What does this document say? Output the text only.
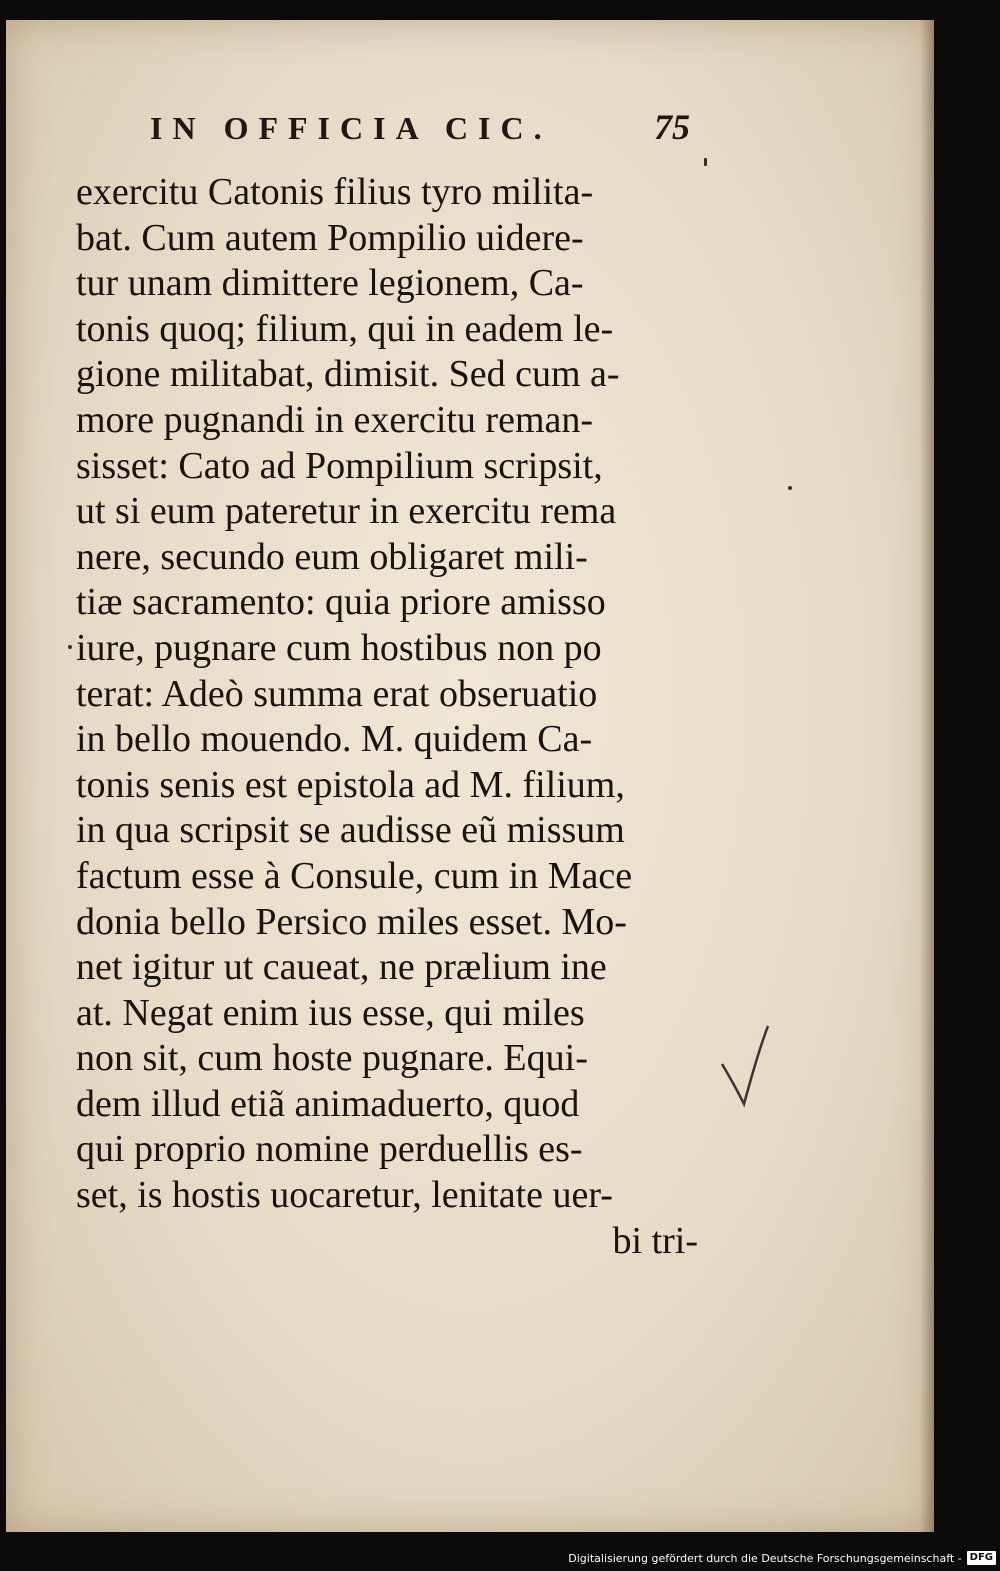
IN OFFICIA CIC.	75
exercitu Catonis filius tyro milita-
bat. Cum autem Pompilio uidere-
tur unam dimittere legionem, Ca-
tonis quoq; filium, qui in eadem le-
gione militabat, dimisit. Sed cum a-
more pugnandi in exercitu reman-
sisset: Cato ad Pompilium scripsit,
ut si eum pateretur in exercitu rema
nere, secundo eum obligaret mili-
tiæ sacramento: quia priore amisso
iure, pugnare cum hostibus non po
terat: Adeò summa erat obseruatio
in bello mouendo. M. quidem Ca-
tonis senis est epistola ad M. filium,
in qua scripsit se audisse eũ missum
factum esse à Consule, cum in Mace
donia bello Persico miles esset. Mo-
net igitur ut caueat, ne prælium ine
at. Negat enim ius esse, qui miles
non sit, cum hoste pugnare. Equi-
dem illud etiã animaduerto, quod
qui proprio nomine perduellis es-
set, is hostis uocaretur, lenitate uer-
bi tri-
Digitalisierung gefördert durch die Deutsche Forschungsgemeinschaft - DFG
